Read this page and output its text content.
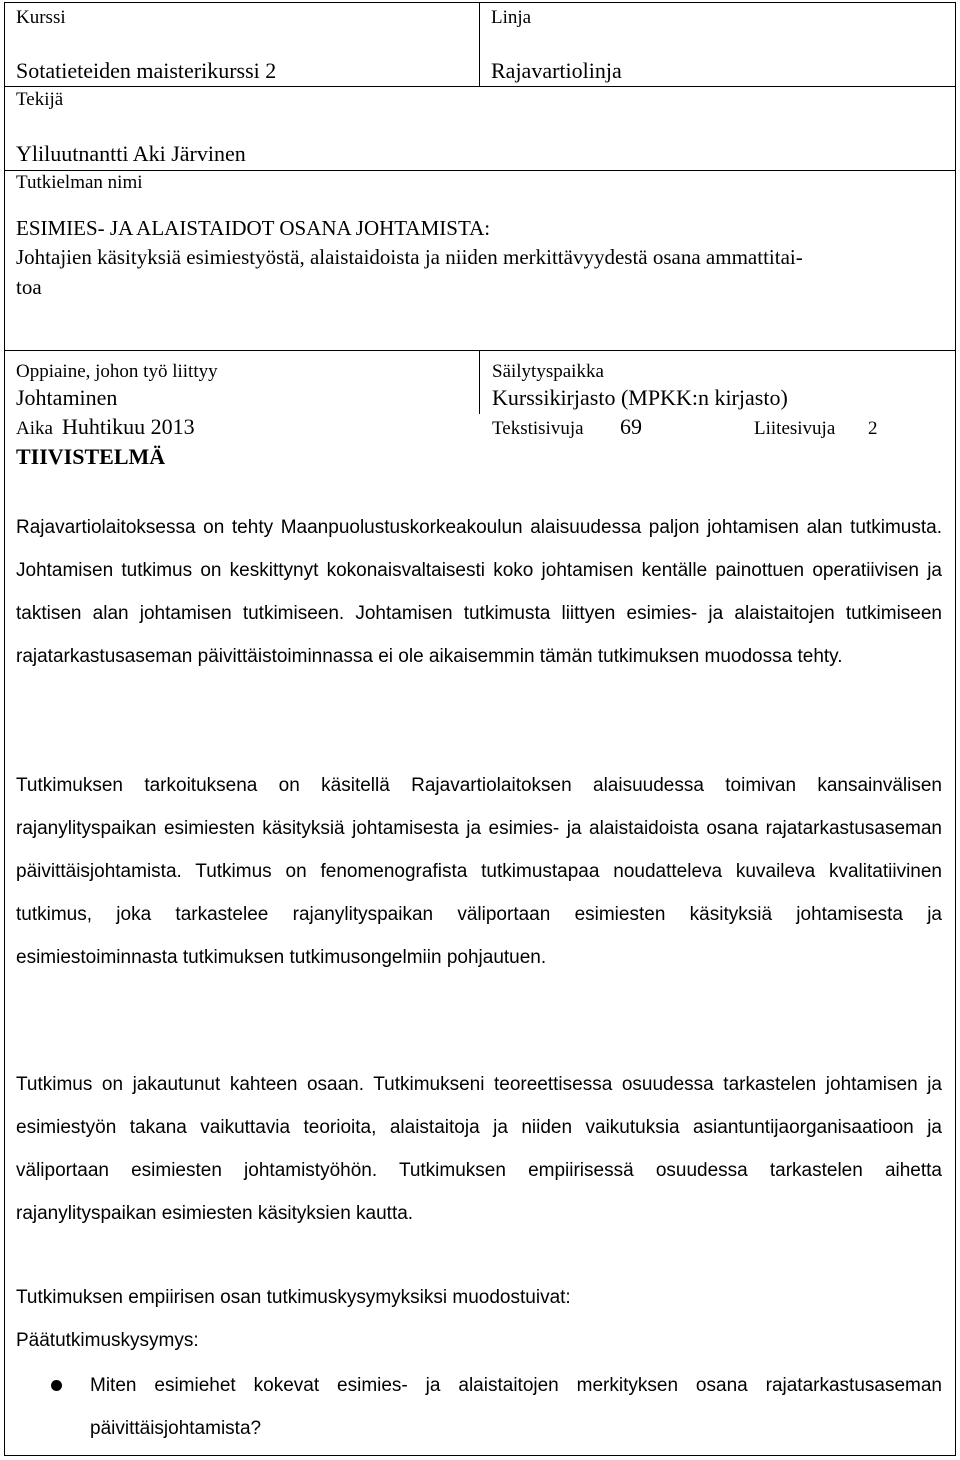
Kurssi
Sotatieteiden maisterikurssi 2
Linja
Rajavartiolinja
Tekijä
Yliluutnantti Aki Järvinen
Tutkielman nimi
ESIMIES- JA ALAISTAIDOT OSANA JOHTAMISTA:
Johtajien käsityksiä esimiestyöstä, alaistaidoista ja niiden merkittävyydestä osana ammattitai-
toa
Oppiaine, johon työ liittyy
Johtaminen
Säilytyspaikka
Kurssikirjasto (MPKK:n kirjasto)
Aika Huhtikuu 2013	Tekstisivuja 69	Liitesivuja 2
TIIVISTELMÄ

Rajavartiolaitoksessa on tehty Maanpuolustuskorkeakoulun alaisuudessa paljon johtamisen alan tutkimusta. Johtamisen tutkimus on keskittynyt kokonaisvaltaisesti koko johtamisen kentälle painottuen operatiivisen ja taktisen alan johtamisen tutkimiseen. Johtamisen tutkimusta liittyen esimies- ja alaistaitojen tutkimiseen rajatarkastusaseman päivittäistoiminnassa ei ole aikaisemmin tämän tutkimuksen muodossa tehty.

Tutkimuksen tarkoituksena on käsitellä Rajavartiolaitoksen alaisuudessa toimivan kansainvälisen rajanylityspaikan esimiesten käsityksiä johtamisesta ja esimies- ja alaistaidoista osana rajatarkastusaseman päivittäisjohtamista. Tutkimus on fenomenografista tutkimustapaa noudatteleva kuvaileva kvalitatiivinen tutkimus, joka tarkastelee rajanylityspaikan väliportaan esimiesten käsityksiä johtamisesta ja esimiestoiminnasta tutkimuksen tutkimusongelmiin pohjautuen.

Tutkimus on jakautunut kahteen osaan. Tutkimukseni teoreettisessa osuudessa tarkastelen johtamisen ja esimiestyön takana vaikuttavia teorioita, alaistaitoja ja niiden vaikutuksia asiantuntijaorganisaatioon ja väliportaan esimiesten johtamistyöhön. Tutkimuksen empiirisessä osuudessa tarkastelen aihetta rajanylityspaikan esimiesten käsityksien kautta.

Tutkimuksen empiirisen osan tutkimuskysymyksiksi muodostuivat:
Päätutkimuskysymys:

Miten esimiehet kokevat esimies- ja alaistaitojen merkityksen osana rajatarkastusaseman päivittäisjohtamista?
